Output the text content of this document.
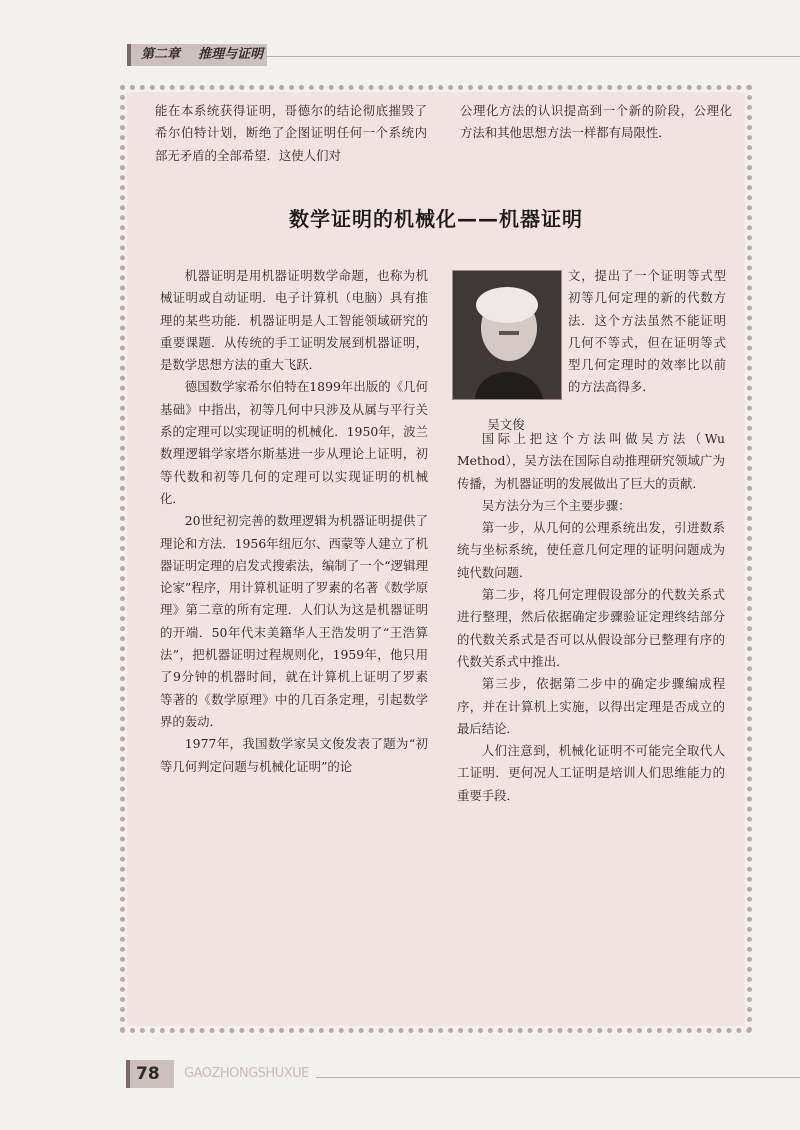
第二章 推理与证明

能在本系统获得证明，哥德尔的结论彻底摧毁了希尔伯特计划，断绝了企图证明任何一个系统内部无矛盾的全部希望．这使人们对

公理化方法的认识提高到一个新的阶段，公理化方法和其他思想方法一样都有局限性．

数学证明的机械化——机器证明

机器证明是用机器证明数学命题，也称为机械证明或自动证明．电子计算机（电脑）具有推理的某些功能．机器证明是人工智能领域研究的重要课题．从传统的手工证明发展到机器证明，是数学思想方法的重大飞跃．

德国数学家希尔伯特在1899年出版的《几何基础》中指出，初等几何中只涉及从属与平行关系的定理可以实现证明的机械化．1950年，波兰数理逻辑学家塔尔斯基进一步从理论上证明，初等代数和初等几何的定理可以实现证明的机械化．

20世纪初完善的数理逻辑为机器证明提供了理论和方法．1956年纽厄尔、西蒙等人建立了机器证明定理的启发式搜索法，编制了一个“逻辑理论家”程序，用计算机证明了罗素的名著《数学原理》第二章的所有定理．人们认为这是机器证明的开端．50年代末美籍华人王浩发明了“王浩算法”，把机器证明过程规则化，1959年，他只用了9分钟的机器时间，就在计算机上证明了罗素等著的《数学原理》中的几百条定理，引起数学界的轰动．

1977年，我国数学家吴文俊发表了题为“初等几何判定问题与机械化证明”的论

吴文俊

文，提出了一个证明等式型初等几何定理的新的代数方法．这个方法虽然不能证明几何不等式，但在证明等式型几何定理时的效率比以前的方法高得多．

国际上把这个方法叫做吴方法（Wu Method），吴方法在国际自动推理研究领域广为传播，为机器证明的发展做出了巨大的贡献．

吴方法分为三个主要步骤：

第一步，从几何的公理系统出发，引进数系统与坐标系统，使任意几何定理的证明问题成为纯代数问题．

第二步，将几何定理假设部分的代数关系式进行整理，然后依据确定步骤验证定理终结部分的代数关系式是否可以从假设部分已整理有序的代数关系式中推出．

第三步，依据第二步中的确定步骤编成程序，并在计算机上实施，以得出定理是否成立的最后结论．

人们注意到，机械化证明不可能完全取代人工证明．更何况人工证明是培训人们思维能力的重要手段．

78	GAOZHONGSHUXUE
